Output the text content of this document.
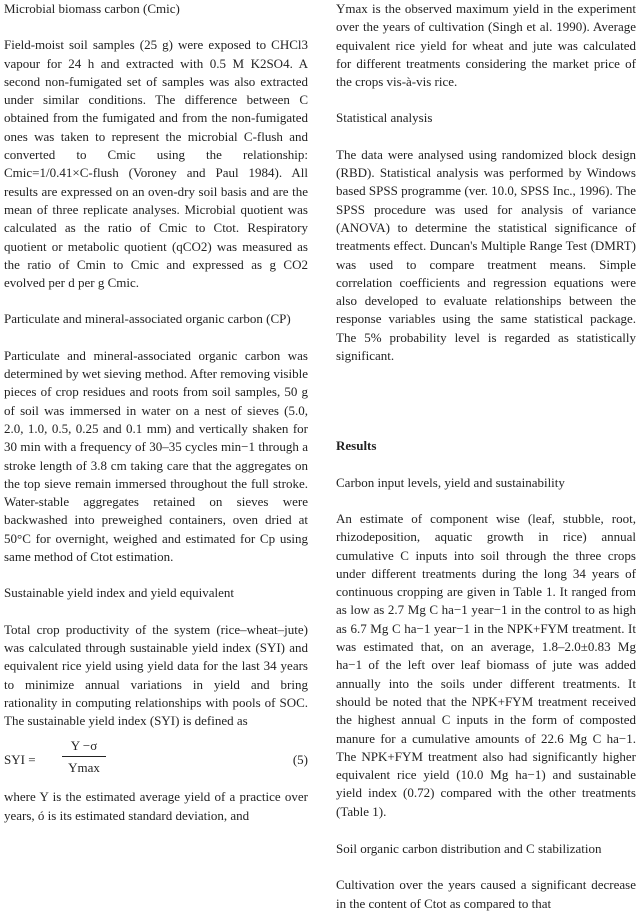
Microbial biomass carbon (Cmic)

Field-moist soil samples (25 g) were exposed to CHCl3 vapour for 24 h and extracted with 0.5 M K2SO4. A second non-fumigated set of samples was also extracted under similar conditions. The difference between C obtained from the fumigated and from the non-fumigated ones was taken to represent the microbial C-flush and converted to Cmic using the relationship: Cmic=1/0.41×C-flush (Voroney and Paul 1984). All results are expressed on an oven-dry soil basis and are the mean of three replicate analyses. Microbial quotient was calculated as the ratio of Cmic to Ctot. Respiratory quotient or metabolic quotient (qCO2) was measured as the ratio of Cmin to Cmic and expressed as g CO2 evolved per d per g Cmic.

Particulate and mineral-associated organic carbon (CP)

Particulate and mineral-associated organic carbon was determined by wet sieving method. After removing visible pieces of crop residues and roots from soil samples, 50 g of soil was immersed in water on a nest of sieves (5.0, 2.0, 1.0, 0.5, 0.25 and 0.1 mm) and vertically shaken for 30 min with a frequency of 30–35 cycles min−1 through a stroke length of 3.8 cm taking care that the aggregates on the top sieve remain immersed throughout the full stroke. Water-stable aggregates retained on sieves were backwashed into preweighed containers, oven dried at 50°C for overnight, weighed and estimated for Cp using same method of Ctot estimation.

Sustainable yield index and yield equivalent

Total crop productivity of the system (rice–wheat–jute) was calculated through sustainable yield index (SYI) and equivalent rice yield using yield data for the last 34 years to minimize annual variations in yield and bring rationality in computing relationships with pools of SOC. The sustainable yield index (SYI) is defined as

SYI =
Y −σ
Ymax
(5)

where Y is the estimated average yield of a practice over years, ó is its estimated standard deviation, and

Ymax is the observed maximum yield in the experiment over the years of cultivation (Singh et al. 1990). Average equivalent rice yield for wheat and jute was calculated for different treatments considering the market price of the crops vis-à-vis rice.

Statistical analysis

The data were analysed using randomized block design (RBD). Statistical analysis was performed by Windows based SPSS programme (ver. 10.0, SPSS Inc., 1996). The SPSS procedure was used for analysis of variance (ANOVA) to determine the statistical significance of treatments effect. Duncan's Multiple Range Test (DMRT) was used to compare treatment means. Simple correlation coefficients and regression equations were also developed to evaluate relationships between the response variables using the same statistical package. The 5% probability level is regarded as statistically significant.

Results

Carbon input levels, yield and sustainability

An estimate of component wise (leaf, stubble, root, rhizodeposition, aquatic growth in rice) annual cumulative C inputs into soil through the three crops under different treatments during the long 34 years of continuous cropping are given in Table 1. It ranged from as low as 2.7 Mg C ha−1 year−1 in the control to as high as 6.7 Mg C ha−1 year−1 in the NPK+FYM treatment. It was estimated that, on an average, 1.8–2.0±0.83 Mg ha−1 of the left over leaf biomass of jute was added annually into the soils under different treatments. It should be noted that the NPK+FYM treatment received the highest annual C inputs in the form of composted manure for a cumulative amounts of 22.6 Mg C ha−1. The NPK+FYM treatment also had significantly higher equivalent rice yield (10.0 Mg ha−1) and sustainable yield index (0.72) compared with the other treatments (Table 1).

Soil organic carbon distribution and C stabilization

Cultivation over the years caused a significant decrease in the content of Ctot as compared to that
